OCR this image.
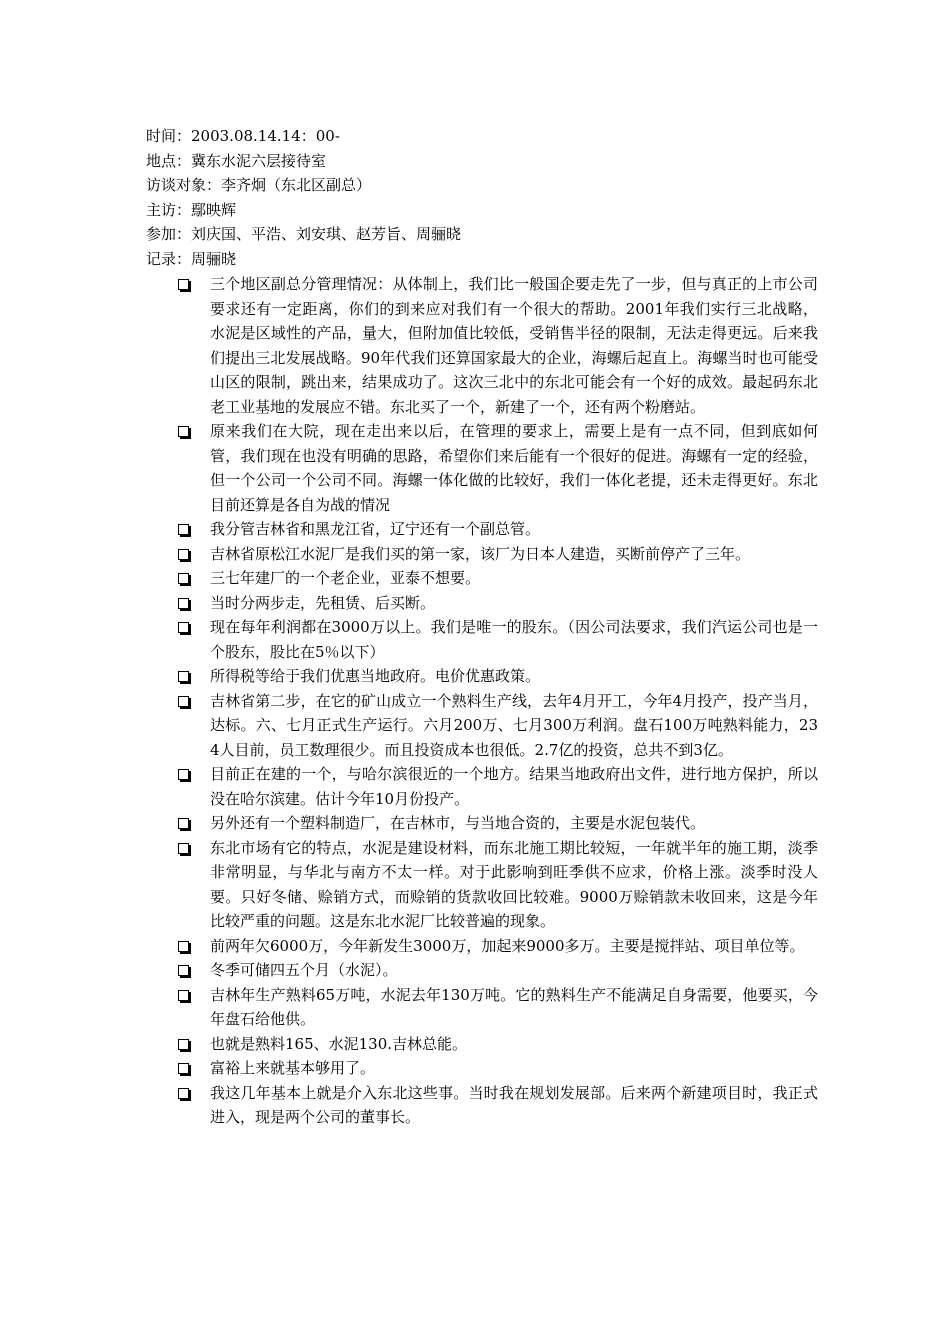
时间：2003.08.14.14：00-
地点：冀东水泥六层接待室
访谈对象：李齐炯（东北区副总）
主访：鄢映辉
参加：刘庆国、平浩、刘安琪、赵芳旨、周骊晓
记录：周骊晓
三个地区副总分管理情况：从体制上，我们比一般国企要走先了一步，但与真正的上市公司要求还有一定距离，你们的到来应对我们有一个很大的帮助。2001年我们实行三北战略，水泥是区域性的产品，量大，但附加值比较低，受销售半径的限制，无法走得更远。后来我们提出三北发展战略。90年代我们还算国家最大的企业，海螺后起直上。海螺当时也可能受山区的限制，跳出来，结果成功了。这次三北中的东北可能会有一个好的成效。最起码东北老工业基地的发展应不错。东北买了一个，新建了一个，还有两个粉磨站。
原来我们在大院，现在走出来以后，在管理的要求上，需要上是有一点不同，但到底如何管，我们现在也没有明确的思路，希望你们来后能有一个很好的促进。海螺有一定的经验，但一个公司一个公司不同。海螺一体化做的比较好，我们一体化老提，还未走得更好。东北目前还算是各自为战的情况
我分管吉林省和黑龙江省，辽宁还有一个副总管。
吉林省原松江水泥厂是我们买的第一家，该厂为日本人建造，买断前停产了三年。
三七年建厂的一个老企业，亚泰不想要。
当时分两步走，先租赁、后买断。
现在每年利润都在3000万以上。我们是唯一的股东。（因公司法要求，我们汽运公司也是一个股东，股比在5％以下）
所得税等给于我们优惠当地政府。电价优惠政策。
吉林省第二步，在它的矿山成立一个熟料生产线，去年4月开工，今年4月投产，投产当月，达标。六、七月正式生产运行。六月200万、七月300万利润。盘石100万吨熟料能力，234人目前，员工数理很少。而且投资成本也很低。2.7亿的投资，总共不到3亿。
目前正在建的一个，与哈尔滨很近的一个地方。结果当地政府出文件，进行地方保护，所以没在哈尔滨建。估计今年10月份投产。
另外还有一个塑料制造厂，在吉林市，与当地合资的，主要是水泥包装代。
东北市场有它的特点，水泥是建设材料，而东北施工期比较短，一年就半年的施工期，淡季非常明显，与华北与南方不太一样。对于此影响到旺季供不应求，价格上涨。淡季时没人要。只好冬储、赊销方式，而赊销的货款收回比较难。9000万赊销款未收回来，这是今年比较严重的问题。这是东北水泥厂比较普遍的现象。
前两年欠6000万，今年新发生3000万，加起来9000多万。主要是搅拌站、项目单位等。
冬季可储四五个月（水泥）。
吉林年生产熟料65万吨，水泥去年130万吨。它的熟料生产不能满足自身需要，他要买，今年盘石给他供。
也就是熟料165、水泥130.吉林总能。
富裕上来就基本够用了。
我这几年基本上就是介入东北这些事。当时我在规划发展部。后来两个新建项目时，我正式进入，现是两个公司的董事长。
